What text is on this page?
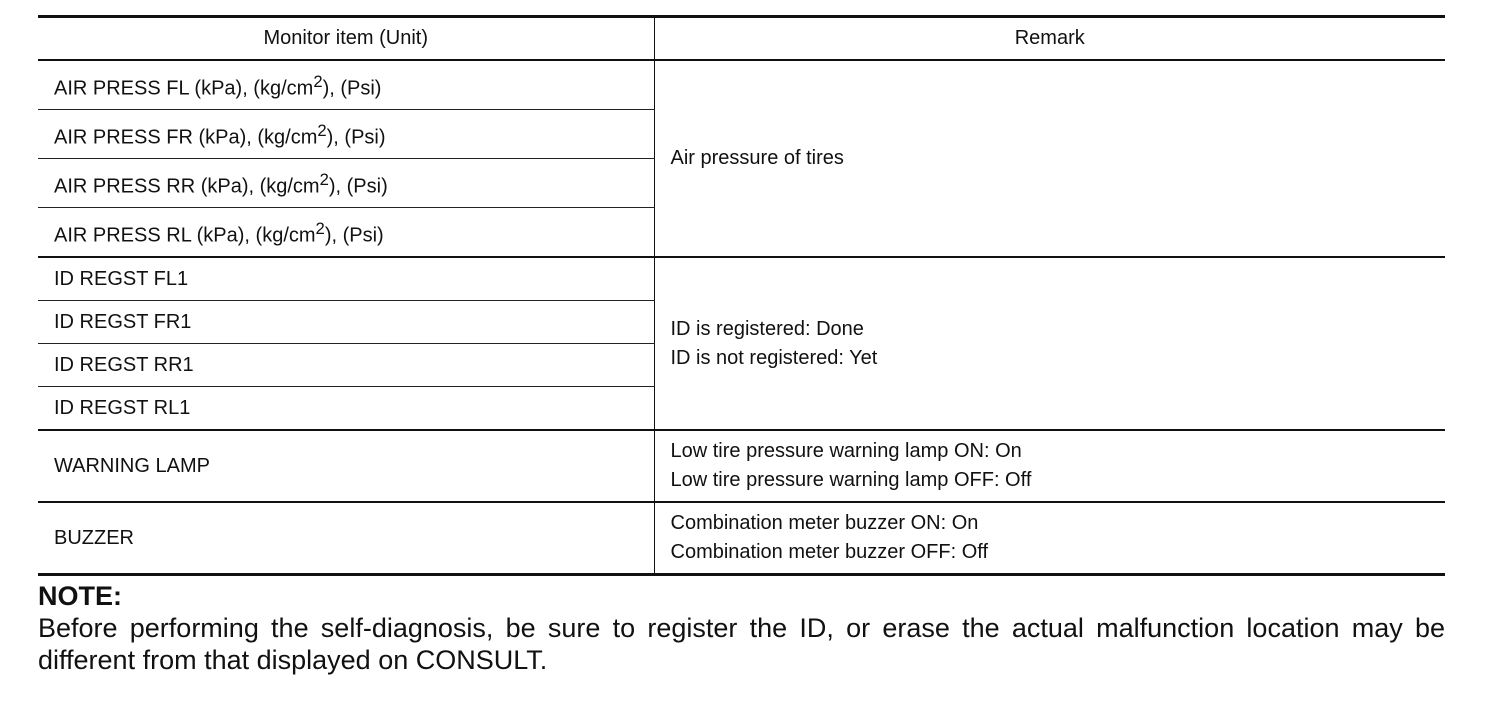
Monitor item (Unit)	Remark
AIR PRESS FL (kPa), $(kg/cm^2)$, (Psi)	Air pressure of tires
AIR PRESS FR (kPa), $(kg/cm^2)$, (Psi)	
AIR PRESS RR (kPa), $(kg/cm^2)$, (Psi)	
AIR PRESS RL (kPa), $(kg/cm^2)$, (Psi)	
ID REGST FL1	ID is registered: Done
ID is not registered: Yet

ID REGST FR1	
ID REGST RR1	
ID REGST RL1	
WARNING LAMP	Low tire pressure warning lamp ON: On
Low tire pressure warning lamp OFF: Off

BUZZER	Combination meter buzzer ON: On
Combination meter buzzer OFF: Off
NOTE:
Before performing the self-diagnosis, be sure to register the ID, or erase the actual malfunction location may be different from that displayed on CONSULT.
